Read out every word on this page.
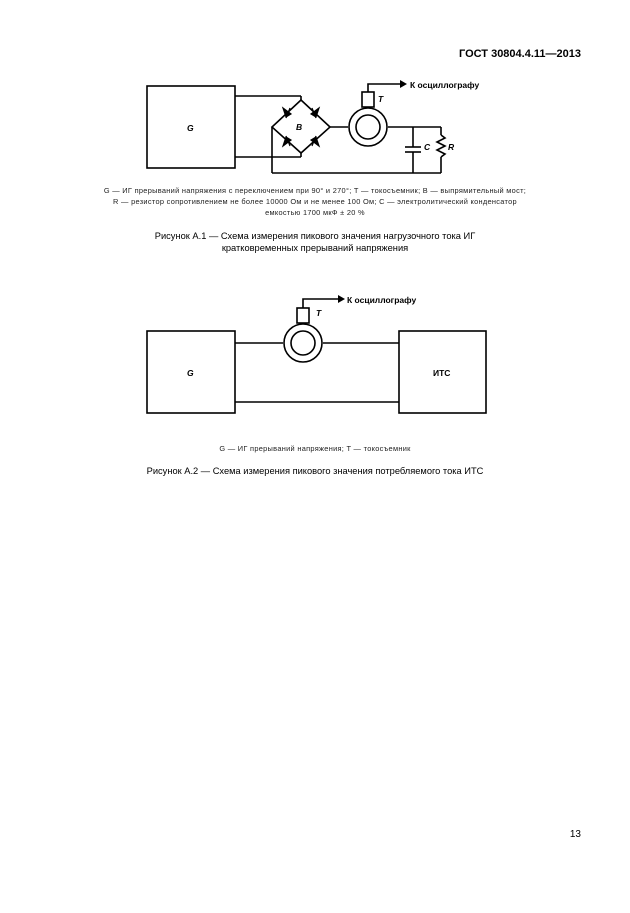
ГОСТ 30804.4.11—2013
G	B
T
C R
К осциллографу
G — ИГ прерываний напряжения с переключением при 90° и 270°; T — токосъемник; B — выпрямительный мост;
R — резистор сопротивлением не более 10000 Ом и не менее 100 Ом; C — электролитический конденсатор
емкостью 1700 мкФ ± 20 %
Рисунок А.1 — Схема измерения пикового значения нагрузочного тока ИГ
кратковременных прерываний напряжения
G
T
ИТС
К осциллографу
G — ИГ прерываний напряжения; T — токосъемник
Рисунок А.2 — Схема измерения пикового значения потребляемого тока ИТС
13
